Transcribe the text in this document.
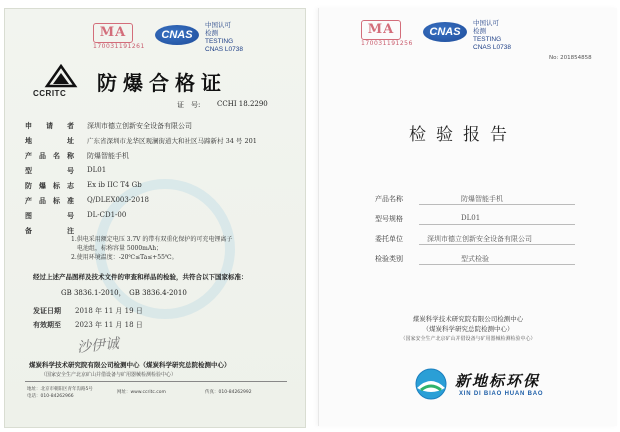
MA
170031191261
CNAS
中国认可
检测
TESTING
CNAS L0738
CCRITC 防爆合格证
证　号: CCHI 18.2290
申　　请　　者 深圳市德立创新安全设备有限公司
地　　　　　址 广东省深圳市龙华区观澜街道大和社区马蹄新村 34 号 201
产　品　名　称 防爆智能手机
型　　　　　号 DL01
防　爆　标　志 Ex ib IIC T4 Gb
产　品　标　准 Q/DLEX003-2018
图　　　　　号 DL-CD1-00
备　　　　　注
1.供电采用额定电压 3.7V 的带有双重化保护的可充电锂离子
　电池组，标称容量 5000mAh；
2.使用环境温度：-20℃≤Ta≤+55℃。
经过上述产品图样及技术文件的审查和样品的检验，共符合以下国家标准：
GB 3836.1-2010，　GB 3836.4-2010
发证日期 2018 年 11 月 19 日
有效期至 2023 年 11 月 18 日
沙伊诚
煤炭科学技术研究院有限公司检测中心（煤炭科学研究总院检测中心）
（国家安全生产北京矿山并借设备与矿用器械检测检验中心）
地址：北京市朝阳区青年沟路5号
电话：010-84262966
网址：www.ccritc.com	传真：010-84262992
MA
170031191256
CNAS
中国认可
检测
TESTING
CNAS L0738
No: 201854858
检验报告
产品名称	防爆智能手机
型号规格	DL01
委托单位	深圳市德立创新安全设备有限公司
检验类别	型式检验
煤炭科学技术研究院有限公司检测中心
（煤炭科学研究总院检测中心）
（国家安全生产北京矿山并借设备与矿用器械检测检验中心）
新地标环保
XIN DI BIAO HUAN BAO
